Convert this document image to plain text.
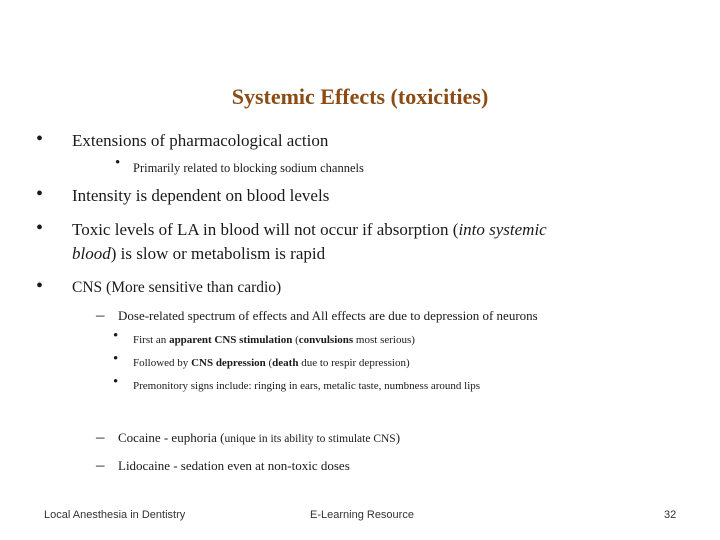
Systemic Effects (toxicities)
• Extensions of pharmacological action
• Primarily related to blocking sodium channels
• Intensity is dependent on blood levels
• Toxic levels of LA in blood will not occur if absorption (into systemic
blood) is slow or metabolism is rapid
• CNS (More sensitive than cardio)
– Dose-related spectrum of effects and All effects are due to depression of neurons
• First an apparent CNS stimulation (convulsions most serious)
• Followed by CNS depression (death due to respir depression)
• Premonitory signs include: ringing in ears, metalic taste, numbness around lips
– Cocaine - euphoria (unique in its ability to stimulate CNS)
– Lidocaine - sedation even at non-toxic doses
Local Anesthesia in Dentistry	E-Learning Resource	32
